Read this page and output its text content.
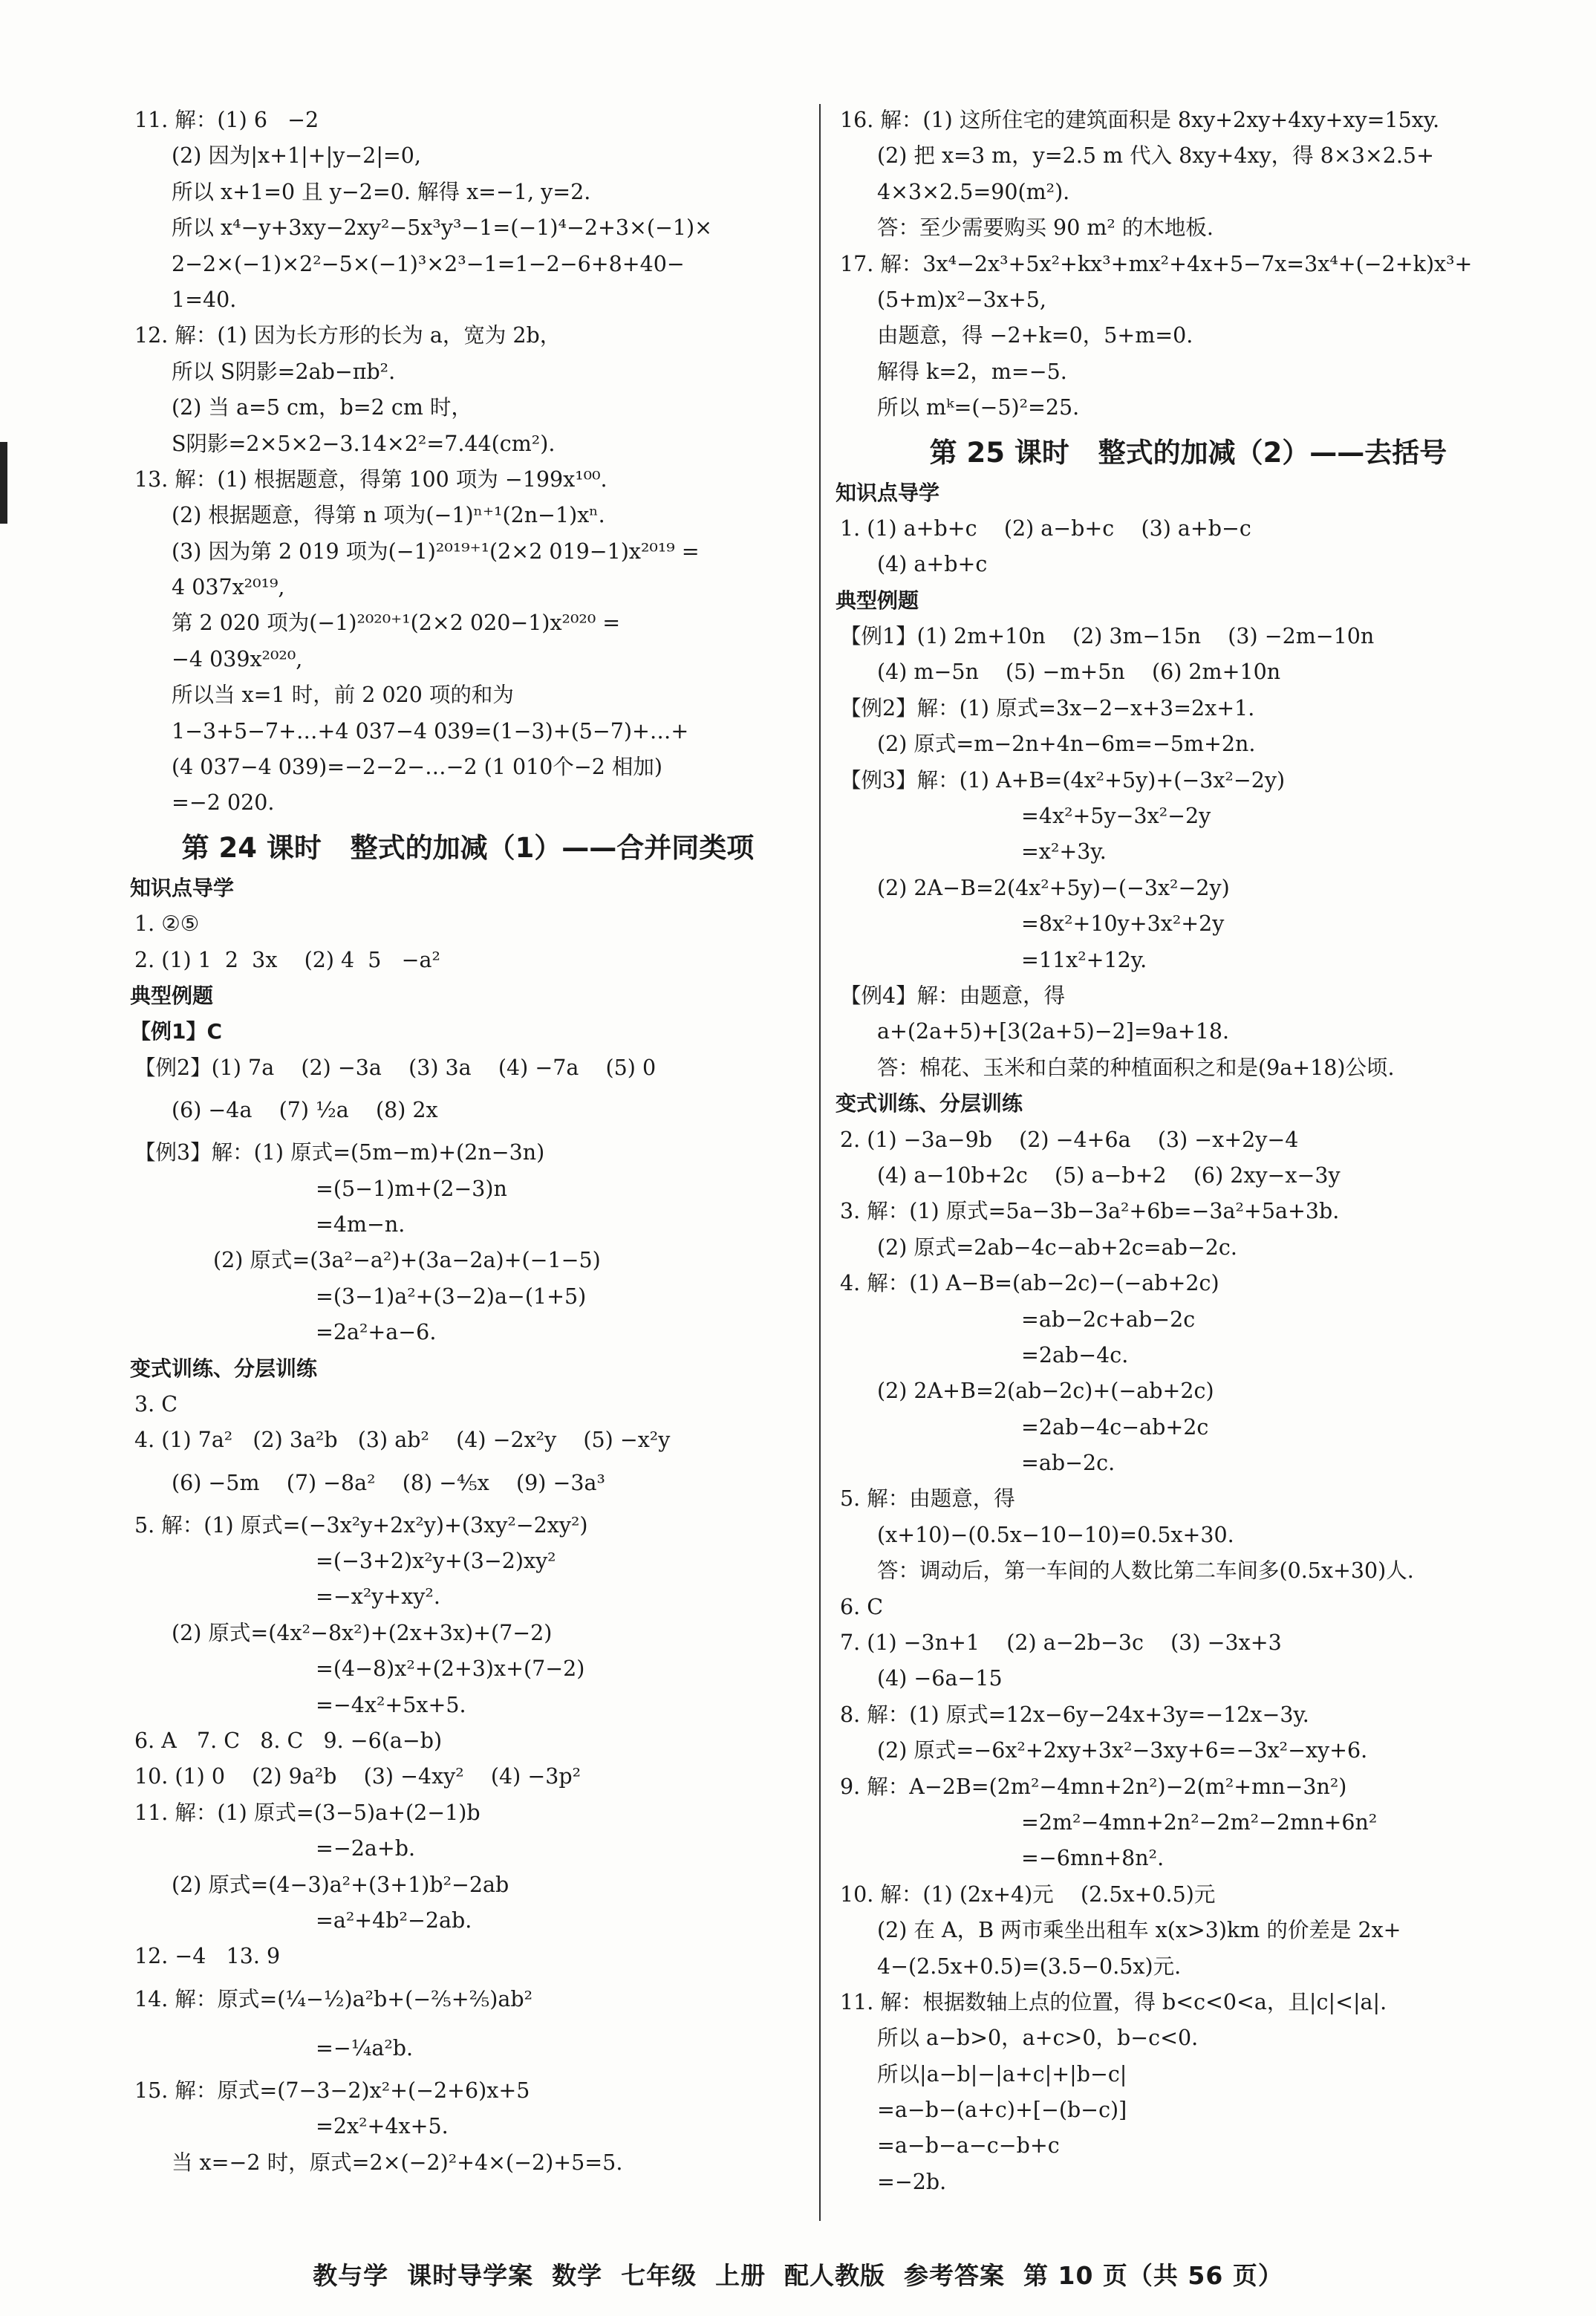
11. 解：(1) 6   −2
(2) 因为|x+1|+|y−2|=0,
所以 x+1=0 且 y−2=0. 解得 x=−1, y=2.
所以 x⁴−y+3xy−2xy²−5x³y³−1=(−1)⁴−2+3×(−1)×
2−2×(−1)×2²−5×(−1)³×2³−1=1−2−6+8+40−
1=40.
12. 解：(1) 因为长方形的长为 a，宽为 2b，
所以 S阴影=2ab−πb².
(2) 当 a=5 cm，b=2 cm 时，
S阴影=2×5×2−3.14×2²=7.44(cm²).
13. 解：(1) 根据题意，得第 100 项为 −199x¹⁰⁰.
(2) 根据题意，得第 n 项为(−1)ⁿ⁺¹(2n−1)xⁿ.
(3) 因为第 2 019 项为(−1)²⁰¹⁹⁺¹(2×2 019−1)x²⁰¹⁹ =
4 037x²⁰¹⁹,
第 2 020 项为(−1)²⁰²⁰⁺¹(2×2 020−1)x²⁰²⁰ =
−4 039x²⁰²⁰,
所以当 x=1 时，前 2 020 项的和为
1−3+5−7+…+4 037−4 039=(1−3)+(5−7)+…+
(4 037−4 039)=−2−2−…−2 (1 010个−2 相加)
=−2 020.
第 24 课时   整式的加减（1）——合并同类项
知识点导学
1. ②⑤
2. (1) 1  2  3x    (2) 4  5   −a²
典型例题
【例1】C
【例2】(1) 7a    (2) −3a    (3) 3a    (4) −7a    (5) 0
(6) −4a    (7) ½a    (8) 2x
【例3】解：(1) 原式=(5m−m)+(2n−3n)
=(5−1)m+(2−3)n
=4m−n.
(2) 原式=(3a²−a²)+(3a−2a)+(−1−5)
=(3−1)a²+(3−2)a−(1+5)
=2a²+a−6.
变式训练、分层训练
3. C
4. (1) 7a²   (2) 3a²b   (3) ab²    (4) −2x²y    (5) −x²y
(6) −5m    (7) −8a²    (8) −⅘x    (9) −3a³
5. 解：(1) 原式=(−3x²y+2x²y)+(3xy²−2xy²)
=(−3+2)x²y+(3−2)xy²
=−x²y+xy².
(2) 原式=(4x²−8x²)+(2x+3x)+(7−2)
=(4−8)x²+(2+3)x+(7−2)
=−4x²+5x+5.
6. A   7. C   8. C   9. −6(a−b)
10. (1) 0    (2) 9a²b    (3) −4xy²    (4) −3p²
11. 解：(1) 原式=(3−5)a+(2−1)b
=−2a+b.
(2) 原式=(4−3)a²+(3+1)b²−2ab
=a²+4b²−2ab.
12. −4   13. 9
14. 解：原式=(¼−½)a²b+(−⅖+⅖)ab²
=−¼a²b.
15. 解：原式=(7−3−2)x²+(−2+6)x+5
=2x²+4x+5.
当 x=−2 时，原式=2×(−2)²+4×(−2)+5=5.
16. 解：(1) 这所住宅的建筑面积是 8xy+2xy+4xy+xy=15xy.
(2) 把 x=3 m，y=2.5 m 代入 8xy+4xy，得 8×3×2.5+
4×3×2.5=90(m²).
答：至少需要购买 90 m² 的木地板.
17. 解：3x⁴−2x³+5x²+kx³+mx²+4x+5−7x=3x⁴+(−2+k)x³+
(5+m)x²−3x+5,
由题意，得 −2+k=0，5+m=0.
解得 k=2，m=−5.
所以 mᵏ=(−5)²=25.
第 25 课时   整式的加减（2）——去括号
知识点导学
1. (1) a+b+c    (2) a−b+c    (3) a+b−c
(4) a+b+c
典型例题
【例1】(1) 2m+10n    (2) 3m−15n    (3) −2m−10n
(4) m−5n    (5) −m+5n    (6) 2m+10n
【例2】解：(1) 原式=3x−2−x+3=2x+1.
(2) 原式=m−2n+4n−6m=−5m+2n.
【例3】解：(1) A+B=(4x²+5y)+(−3x²−2y)
=4x²+5y−3x²−2y
=x²+3y.
(2) 2A−B=2(4x²+5y)−(−3x²−2y)
=8x²+10y+3x²+2y
=11x²+12y.
【例4】解：由题意，得
a+(2a+5)+[3(2a+5)−2]=9a+18.
答：棉花、玉米和白菜的种植面积之和是(9a+18)公顷.
变式训练、分层训练
2. (1) −3a−9b    (2) −4+6a    (3) −x+2y−4
(4) a−10b+2c    (5) a−b+2    (6) 2xy−x−3y
3. 解：(1) 原式=5a−3b−3a²+6b=−3a²+5a+3b.
(2) 原式=2ab−4c−ab+2c=ab−2c.
4. 解：(1) A−B=(ab−2c)−(−ab+2c)
=ab−2c+ab−2c
=2ab−4c.
(2) 2A+B=2(ab−2c)+(−ab+2c)
=2ab−4c−ab+2c
=ab−2c.
5. 解：由题意，得
(x+10)−(0.5x−10−10)=0.5x+30.
答：调动后，第一车间的人数比第二车间多(0.5x+30)人.
6. C
7. (1) −3n+1    (2) a−2b−3c    (3) −3x+3
(4) −6a−15
8. 解：(1) 原式=12x−6y−24x+3y=−12x−3y.
(2) 原式=−6x²+2xy+3x²−3xy+6=−3x²−xy+6.
9. 解：A−2B=(2m²−4mn+2n²)−2(m²+mn−3n²)
=2m²−4mn+2n²−2m²−2mn+6n²
=−6mn+8n².
10. 解：(1) (2x+4)元    (2.5x+0.5)元
(2) 在 A，B 两市乘坐出租车 x(x>3)km 的价差是 2x+
4−(2.5x+0.5)=(3.5−0.5x)元.
11. 解：根据数轴上点的位置，得 b<c<0<a，且|c|<|a|.
所以 a−b>0，a+c>0，b−c<0.
所以|a−b|−|a+c|+|b−c|
=a−b−(a+c)+[−(b−c)]
=a−b−a−c−b+c
=−2b.
教与学  课时导学案  数学  七年级  上册  配人教版  参考答案  第 10 页（共 56 页）
